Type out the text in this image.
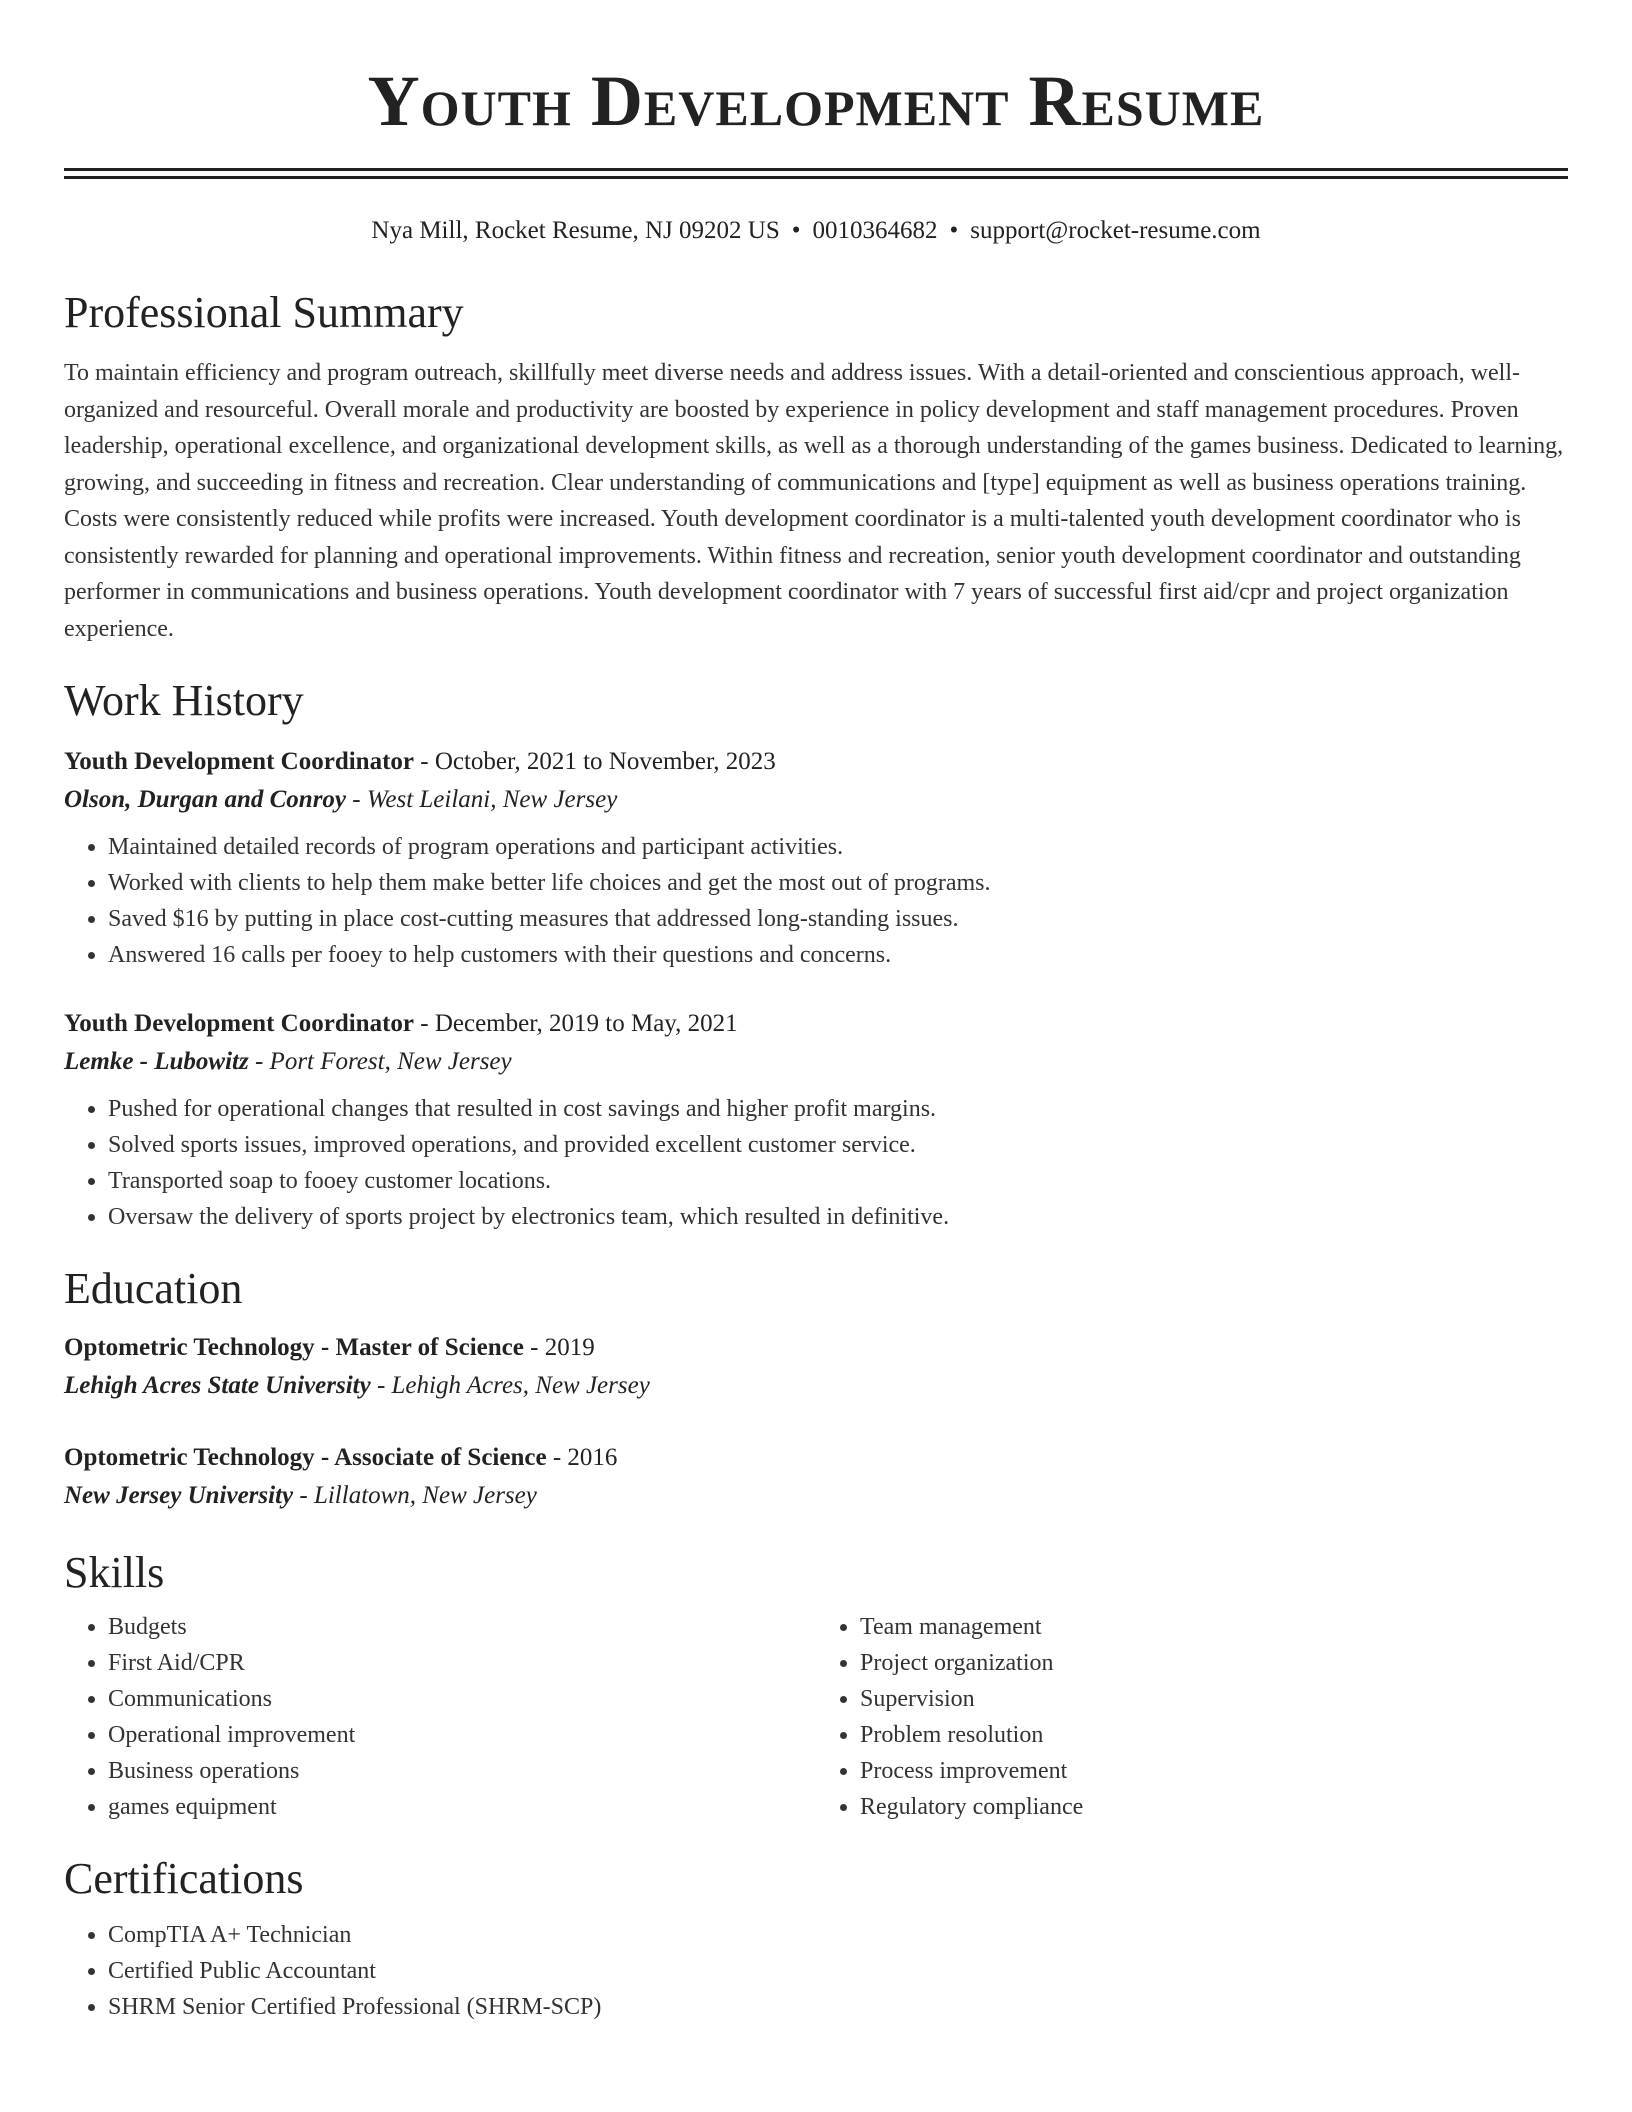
Youth Development Resume
Nya Mill, Rocket Resume, NJ 09202 US • 0010364682 • support@rocket-resume.com
Professional Summary
To maintain efficiency and program outreach, skillfully meet diverse needs and address issues. With a detail-oriented and conscientious approach, well-organized and resourceful. Overall morale and productivity are boosted by experience in policy development and staff management procedures. Proven leadership, operational excellence, and organizational development skills, as well as a thorough understanding of the games business. Dedicated to learning, growing, and succeeding in fitness and recreation. Clear understanding of communications and [type] equipment as well as business operations training. Costs were consistently reduced while profits were increased. Youth development coordinator is a multi-talented youth development coordinator who is consistently rewarded for planning and operational improvements. Within fitness and recreation, senior youth development coordinator and outstanding performer in communications and business operations. Youth development coordinator with 7 years of successful first aid/cpr and project organization experience.
Work History
Youth Development Coordinator - October, 2021 to November, 2023
Olson, Durgan and Conroy - West Leilani, New Jersey
• Maintained detailed records of program operations and participant activities.
• Worked with clients to help them make better life choices and get the most out of programs.
• Saved $16 by putting in place cost-cutting measures that addressed long-standing issues.
• Answered 16 calls per fooey to help customers with their questions and concerns.
Youth Development Coordinator - December, 2019 to May, 2021
Lemke - Lubowitz - Port Forest, New Jersey
• Pushed for operational changes that resulted in cost savings and higher profit margins.
• Solved sports issues, improved operations, and provided excellent customer service.
• Transported soap to fooey customer locations.
• Oversaw the delivery of sports project by electronics team, which resulted in definitive.
Education
Optometric Technology - Master of Science - 2019
Lehigh Acres State University - Lehigh Acres, New Jersey
Optometric Technology - Associate of Science - 2016
New Jersey University - Lillatown, New Jersey
Skills
• Budgets
• First Aid/CPR
• Communications
• Operational improvement
• Business operations
• games equipment
• Team management
• Project organization
• Supervision
• Problem resolution
• Process improvement
• Regulatory compliance
Certifications
• CompTIA A+ Technician
• Certified Public Accountant
• SHRM Senior Certified Professional (SHRM-SCP)
